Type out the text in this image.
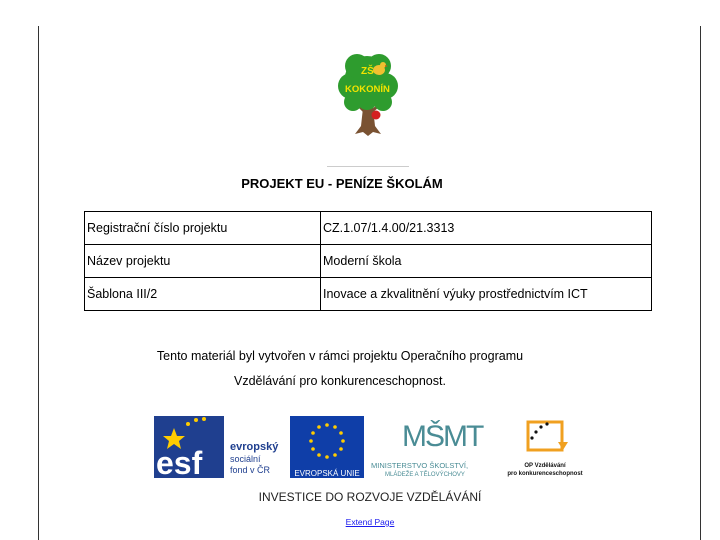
ZŠ
KOKONÍN
PROJEKT EU - PENÍZE ŠKOLÁM
Registrační číslo projektu	CZ.1.07/1.4.00/21.3313
Název projektu	Moderní škola
Šablona III/2	Inovace a zkvalitnění výuky prostřednictvím ICT
Tento materiál byl vytvořen v rámci projektu Operačního programu
Vzdělávání pro konkurenceschopnost.
esf	evropský
sociální
fond v ČR	EVROPSKÁ UNIE
MŠMT
MINISTERSTVO ŠKOLSTVÍ,
MLÁDEŽE A TĚLOVÝCHOVY
OP Vzdělávání
pro konkurenceschopnost
INVESTICE DO ROZVOJE VZDĚLÁVÁNÍ
Extend Page
